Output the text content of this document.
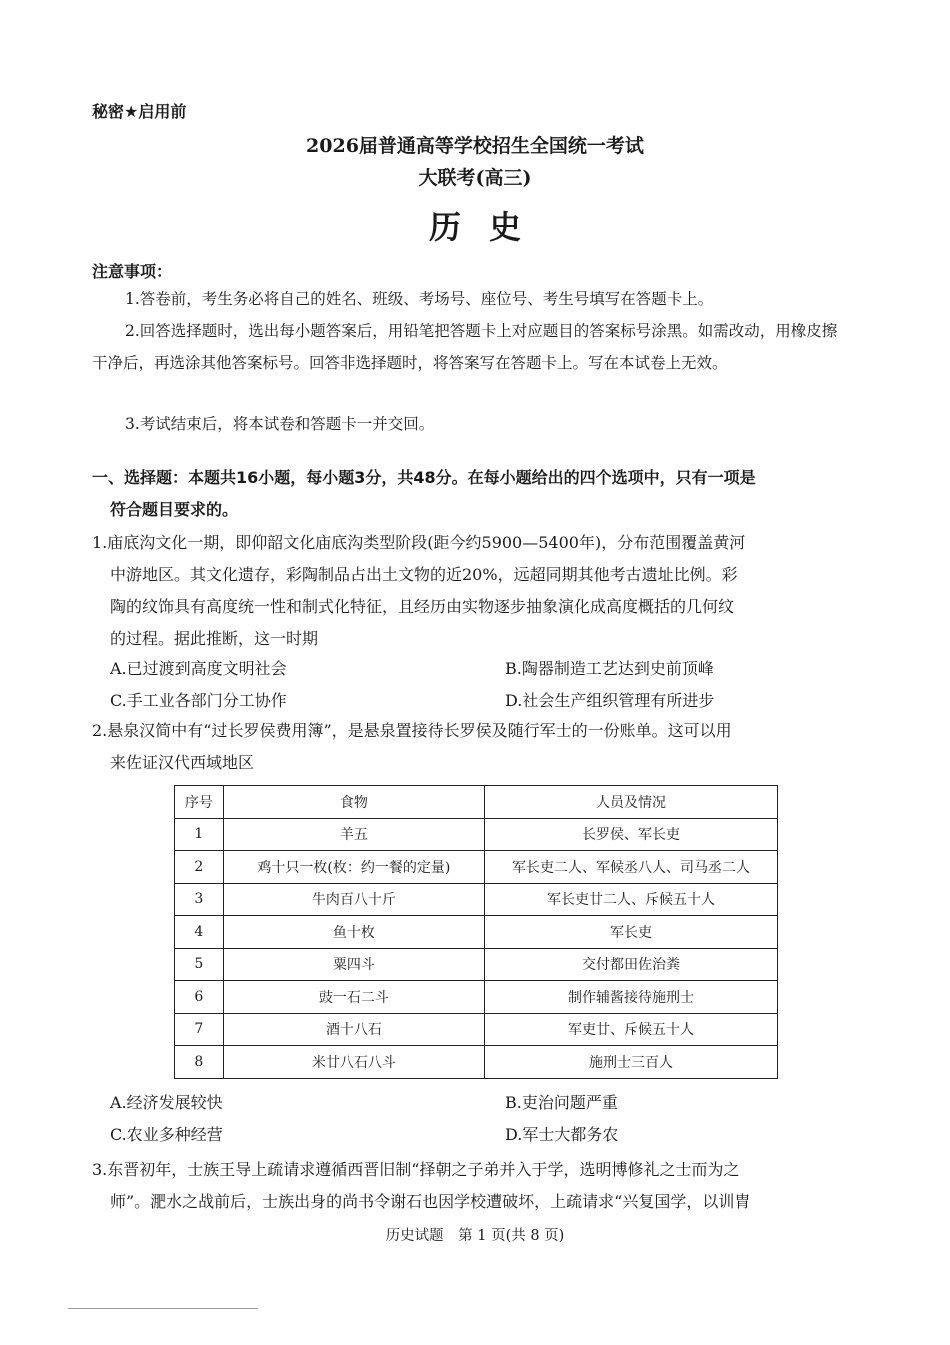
秘密★启用前
2026届普通高等学校招生全国统一考试
大联考(高三)
历史
注意事项：
1.答卷前，考生务必将自己的姓名、班级、考场号、座位号、考生号填写在答题卡上。
2.回答选择题时，选出每小题答案后，用铅笔把答题卡上对应题目的答案标号涂黑。如需改动，用橡皮擦干净后，再选涂其他答案标号。回答非选择题时，将答案写在答题卡上。写在本试卷上无效。
3.考试结束后，将本试卷和答题卡一并交回。
一、选择题：本题共16小题，每小题3分，共48分。在每小题给出的四个选项中，只有一项是
符合题目要求的。
1.庙底沟文化一期，即仰韶文化庙底沟类型阶段(距今约5900—5400年)，分布范围覆盖黄河
中游地区。其文化遗存，彩陶制品占出土文物的近20%，远超同期其他考古遗址比例。彩
陶的纹饰具有高度统一性和制式化特征，且经历由实物逐步抽象演化成高度概括的几何纹
的过程。据此推断，这一时期
A.已过渡到高度文明社会	B.陶器制造工艺达到史前顶峰
C.手工业各部门分工协作	D.社会生产组织管理有所进步
2.悬泉汉简中有“过长罗侯费用簿”，是悬泉置接待长罗侯及随行军士的一份账单。这可以用
来佐证汉代西域地区
序号	食物	人员及情况
1	羊五	长罗侯、军长吏
2	鸡十只一枚(枚：约一餐的定量)	军长吏二人、军候丞八人、司马丞二人
3	牛肉百八十斤	军长吏廿二人、斥候五十人
4	鱼十枚	军长吏
5	粟四斗	交付都田佐治粪
6	豉一石二斗	制作辅酱接待施刑士
7	酒十八石	军吏廿、斥候五十人
8	米廿八石八斗	施刑士三百人
A.经济发展较快	B.吏治问题严重
C.农业多种经营	D.军士大都务农
3.东晋初年，士族王导上疏请求遵循西晋旧制“择朝之子弟并入于学，选明博修礼之士而为之
师”。淝水之战前后，士族出身的尚书令谢石也因学校遭破坏，上疏请求“兴复国学，以训胄
历史试题　第 1 页(共 8 页)
